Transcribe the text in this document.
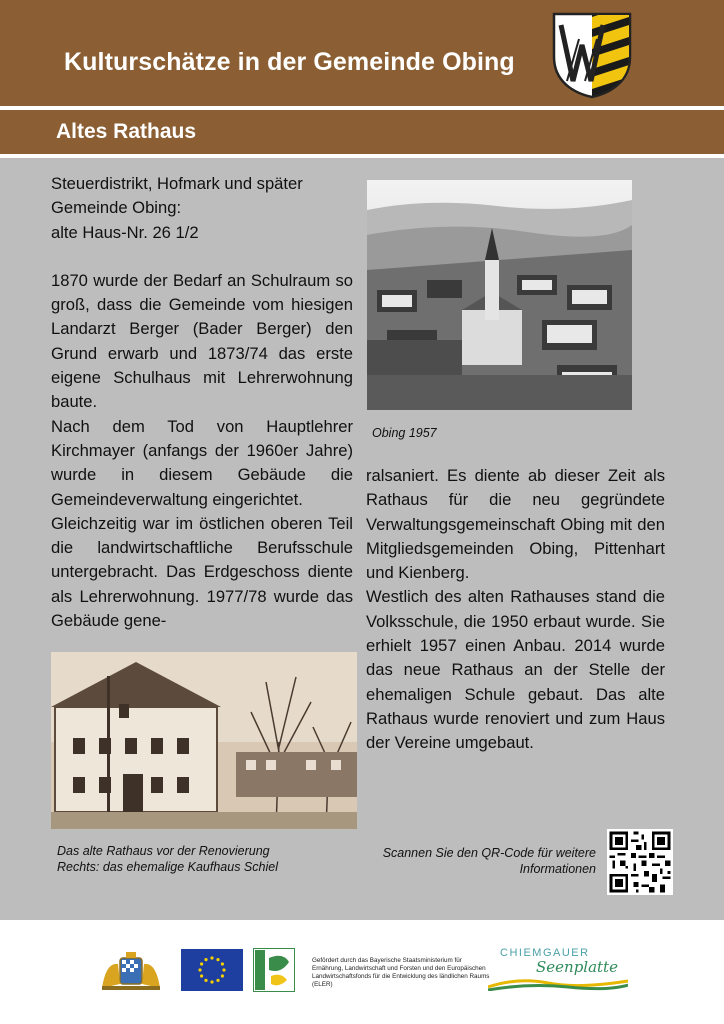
Kulturschätze in der Gemeinde Obing
Altes Rathaus

Steuerdistrikt, Hofmark und später Gemeinde Obing:

alte Haus-Nr. 26 1/2

1870 wurde der Bedarf an Schulraum so groß, dass die Gemeinde vom hiesigen Landarzt Berger (Bader Berger) den Grund erwarb und 1873/74 das erste eigene Schulhaus mit Lehrerwohnung baute.

Nach dem Tod von Hauptlehrer Kirchmayer (anfangs der 1960er Jahre) wurde in diesem Gebäude die Gemeindeverwaltung eingerichtet.

Gleichzeitig war im östlichen oberen Teil die landwirtschaftliche Berufsschule untergebracht. Das Erdgeschoss diente als Lehrerwohnung. 1977/78 wurde das Gebäude gene-

Obing 1957

ralsaniert. Es diente ab dieser Zeit als Rathaus für die neu gegründete Verwaltungsgemeinschaft Obing mit den Mitgliedsgemeinden Obing, Pittenhart und Kienberg.

Westlich des alten Rathauses stand die Volksschule, die 1950 erbaut wurde. Sie erhielt 1957 einen Anbau. 2014 wurde das neue Rathaus an der Stelle der ehemaligen Schule gebaut. Das alte Rathaus wurde renoviert und zum Haus der Vereine umgebaut.

Das alte Rathaus vor der Renovierung
Rechts: das ehemalige Kaufhaus Schiel
Scannen Sie den QR-Code für weitere
Informationen
Gefördert durch das Bayerische Staatsministerium für Ernährung, Landwirtschaft und Forsten und den Europäischen Landwirtschaftsfonds für die Entwicklung des ländlichen Raums (ELER)
CHIEMGAUER
Seenplatte
